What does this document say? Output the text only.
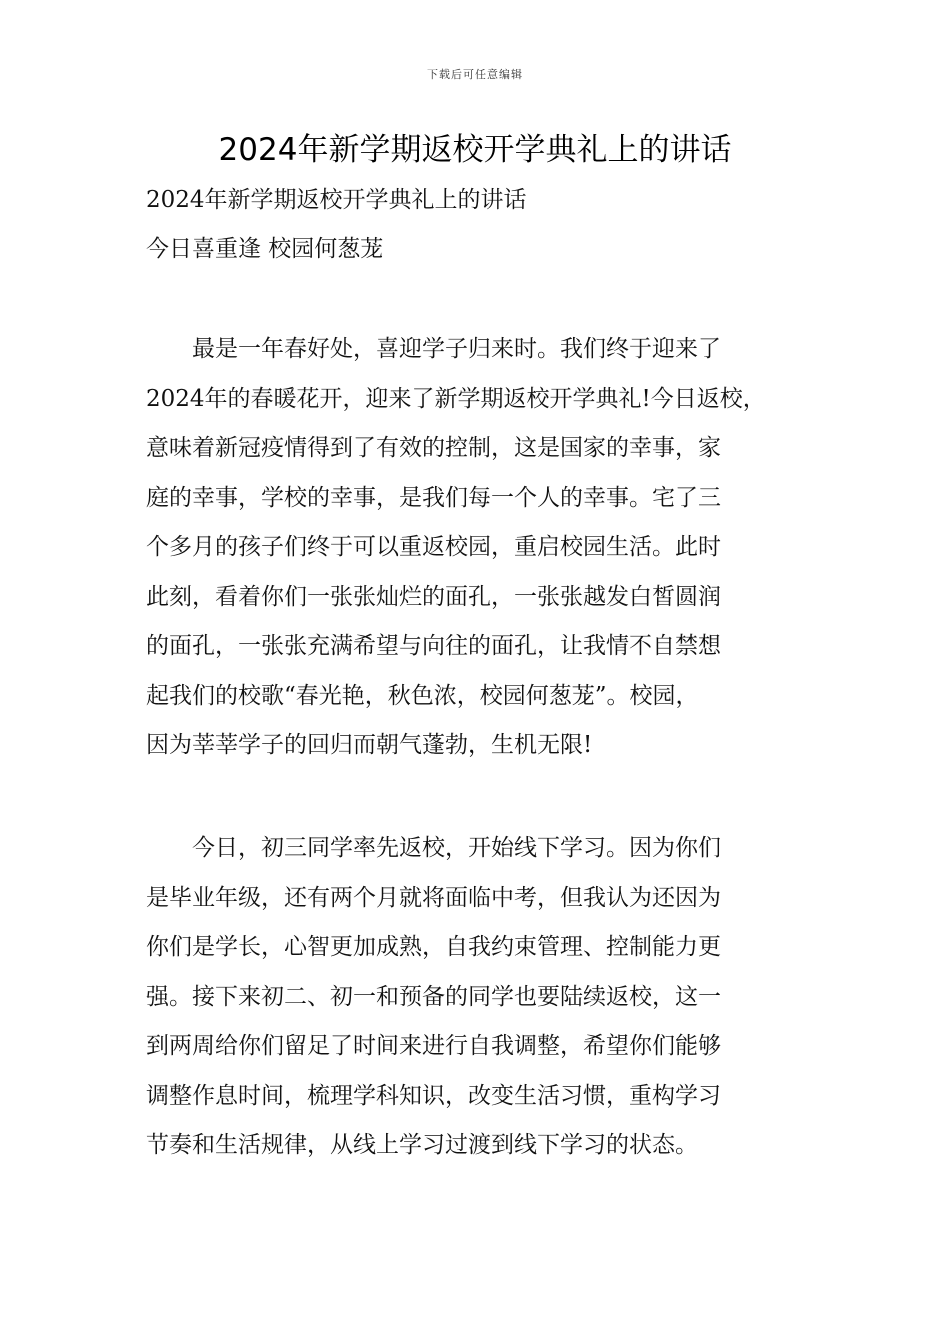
下载后可任意编辑
2024年新学期返校开学典礼上的讲话
2024年新学期返校开学典礼上的讲话
今日喜重逢 校园何葱茏
　　最是一年春好处，喜迎学子归来时。我们终于迎来了
2024年的春暖花开，迎来了新学期返校开学典礼!今日返校，
意味着新冠疫情得到了有效的控制，这是国家的幸事，家
庭的幸事，学校的幸事，是我们每一个人的幸事。宅了三
个多月的孩子们终于可以重返校园，重启校园生活。此时
此刻，看着你们一张张灿烂的面孔，一张张越发白皙圆润
的面孔，一张张充满希望与向往的面孔，让我情不自禁想
起我们的校歌“春光艳，秋色浓，校园何葱茏”。校园，
因为莘莘学子的回归而朝气蓬勃，生机无限!
　　今日，初三同学率先返校，开始线下学习。因为你们
是毕业年级，还有两个月就将面临中考，但我认为还因为
你们是学长，心智更加成熟，自我约束管理、控制能力更
强。接下来初二、初一和预备的同学也要陆续返校，这一
到两周给你们留足了时间来进行自我调整，希望你们能够
调整作息时间，梳理学科知识，改变生活习惯，重构学习
节奏和生活规律，从线上学习过渡到线下学习的状态。
